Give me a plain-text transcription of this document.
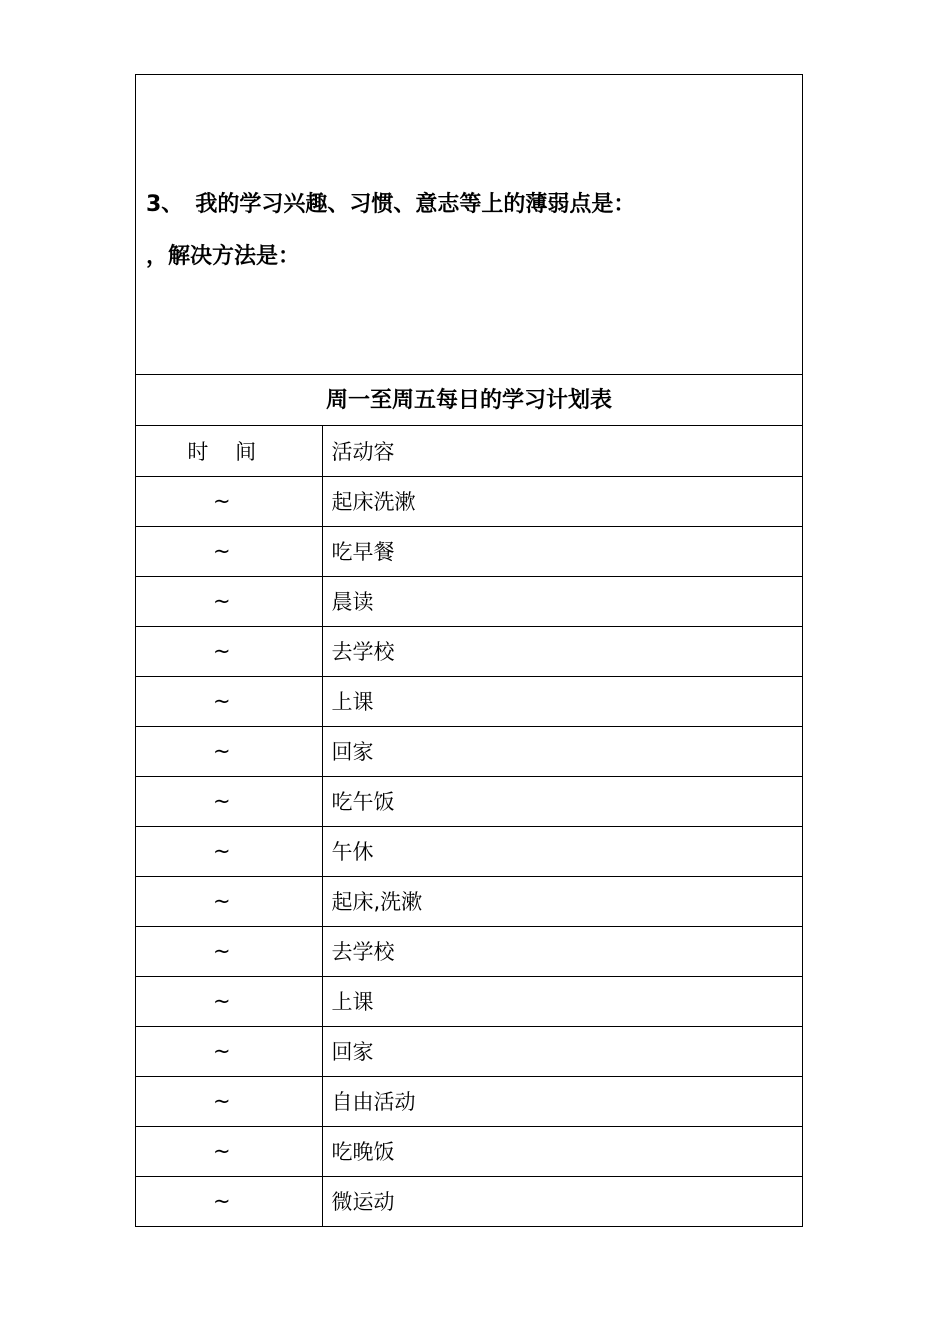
3、 我的学习兴趣、习惯、意志等上的薄弱点是：
，解决方法是：
周一至周五每日的学习计划表
时    间	活动容
~	起床洗漱
~	吃早餐
~	晨读
~	去学校
~	上课
~	回家
~	吃午饭
~	午休
~	起床,洗漱
~	去学校
~	上课
~	回家
~	自由活动
~	吃晚饭
~	微运动
